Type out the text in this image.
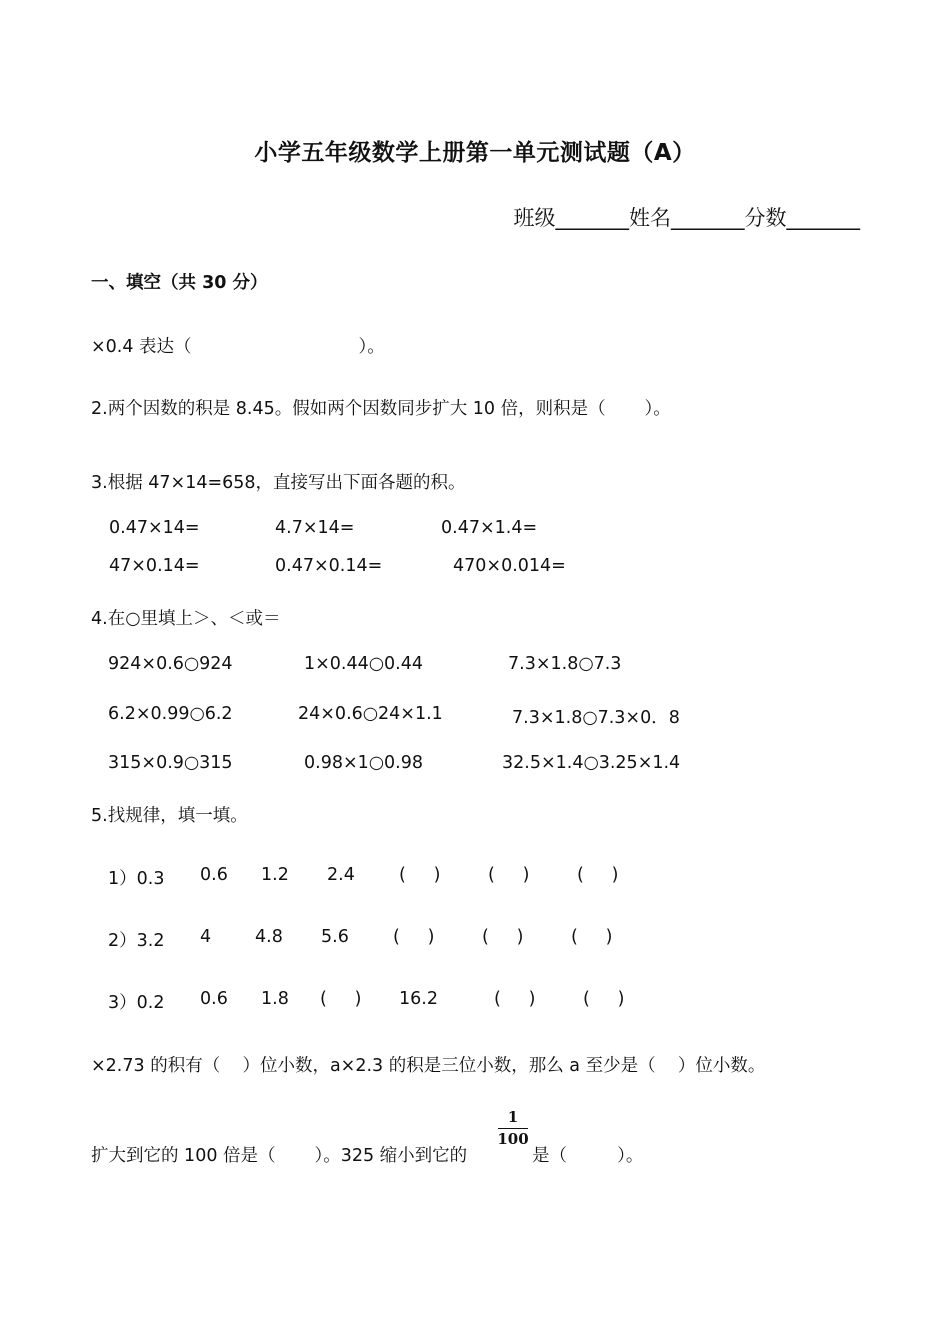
小学五年级数学上册第一单元测试题（A）
班级_______姓名_______分数_______
一、填空（共 30 分）
×0.4 表达（                              ）。
2.两个因数的积是 8.45。假如两个因数同步扩大 10 倍，则积是（       ）。
3.根据 47×14=658，直接写出下面各题的积。
0.47×14=	4.7×14=	0.47×1.4=
47×0.14=	0.47×0.14=	470×0.014=
4.在○里填上＞、＜或＝
924×0.6○924	1×0.44○0.44	7.3×1.8○7.3
6.2×0.99○6.2	24×0.6○24×1.1	7.3×1.8○7.3×0．8
315×0.9○315	0.98×1○0.98	32.5×1.4○3.25×1.4
5.找规律，填一填。
1）0.3 0.6 1.2 2.4	(     )	(     )	(     )
2）3.2 4	4.8 5.6	(     )	(     )	(     )
3）0.2 0.6 1.8 (     ) 16.2	(     )	(     )
×2.73 的积有（    ）位小数，a×2.3 的积是三位小数，那么 a 至少是（    ）位小数。
扩大到它的 100 倍是（       ）。325 缩小到它的
1
100
是（         ）。
